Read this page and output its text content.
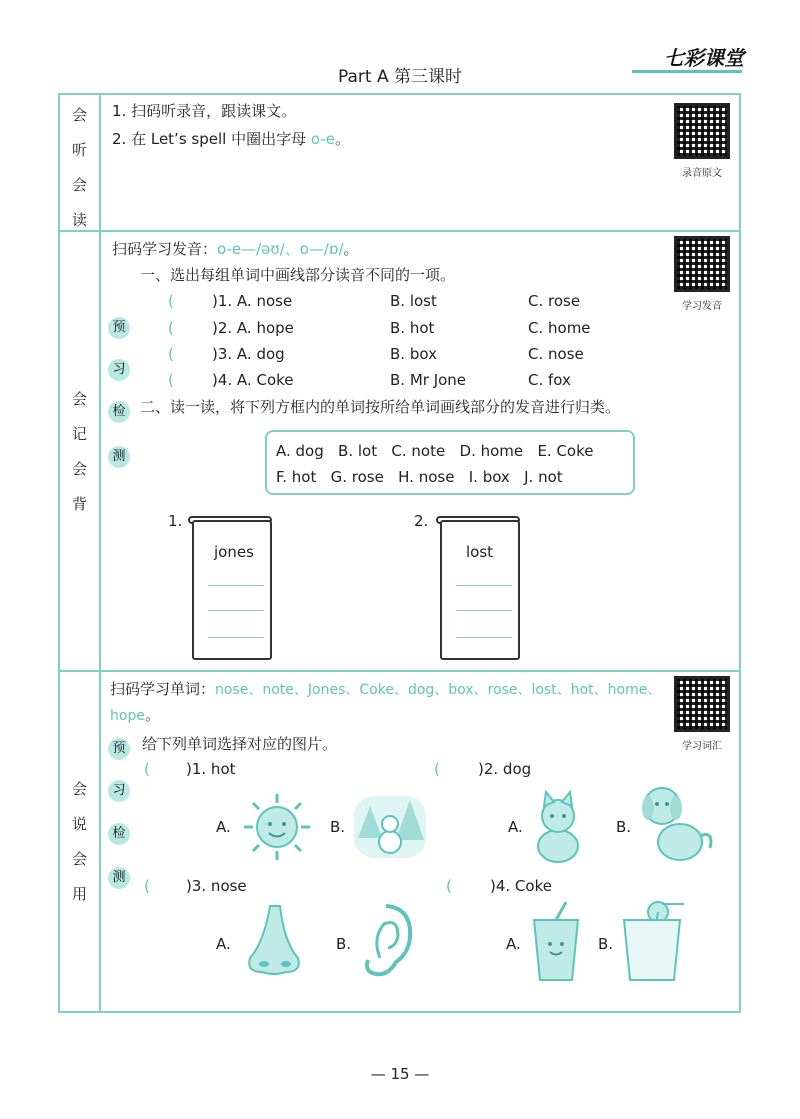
Part A 第三课时
七彩课堂
会
听
会
读
1. 扫码听录音，跟读课文。
2. 在 Let’s spell 中圈出字母 o-e。
录音原文
会
记
会
背
扫码学习发音：o-e—/əʊ/、o—/ɒ/。
学习发音
一、选出每组单词中画线部分读音不同的一项。
预
习
检
测
(	)1. A. nose	B. lost	C. rose
(	)2. A. hope	B. hot	C. home
(	)3. A. dog	B. box	C. nose
(	)4. A. Coke	B. Mr Jone	C. fox
二、读一读，将下列方框内的单词按所给单词画线部分的发音进行归类。
A. dog   B. lot   C. note   D. home   E. Coke
F. hot   G. rose   H. nose   I. box   J. not
1.
jones
2.
lost
会
说
会
用
扫码学习单词：nose、note、Jones、Coke、dog、box、rose、lost、hot、home、
hope。
学习词汇
给下列单词选择对应的图片。
预
习
检
测
( )1. hot
A.	B.
(	)2. dog
A.	B.
( )3. nose
A.	B.
(	)4. Coke
A.	B.
— 15 —
